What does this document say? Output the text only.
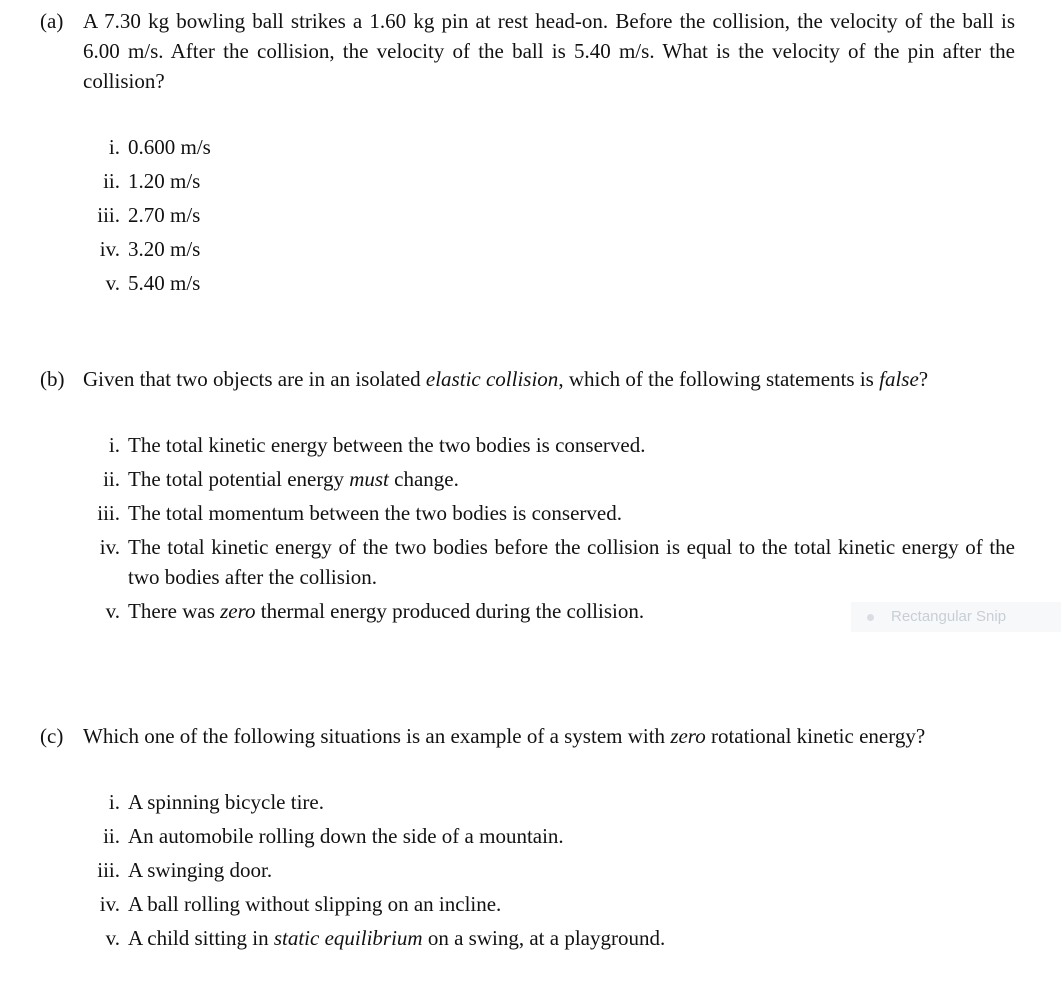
(a) A 7.30 kg bowling ball strikes a 1.60 kg pin at rest head-on. Before the collision, the velocity of the ball is 6.00 m/s. After the collision, the velocity of the ball is 5.40 m/s. What is the velocity of the pin after the collision?
i. 0.600 m/s
ii. 1.20 m/s
iii. 2.70 m/s
iv. 3.20 m/s
v. 5.40 m/s
(b) Given that two objects are in an isolated elastic collision, which of the following statements is false?
i. The total kinetic energy between the two bodies is conserved.
ii. The total potential energy must change.
iii. The total momentum between the two bodies is conserved.
iv. The total kinetic energy of the two bodies before the collision is equal to the total kinetic energy of the two bodies after the collision.
v. There was zero thermal energy produced during the collision.
(c) Which one of the following situations is an example of a system with zero rotational kinetic energy?
i. A spinning bicycle tire.
ii. An automobile rolling down the side of a mountain.
iii. A swinging door.
iv. A ball rolling without slipping on an incline.
v. A child sitting in static equilibrium on a swing, at a playground.
Rectangular Snip
